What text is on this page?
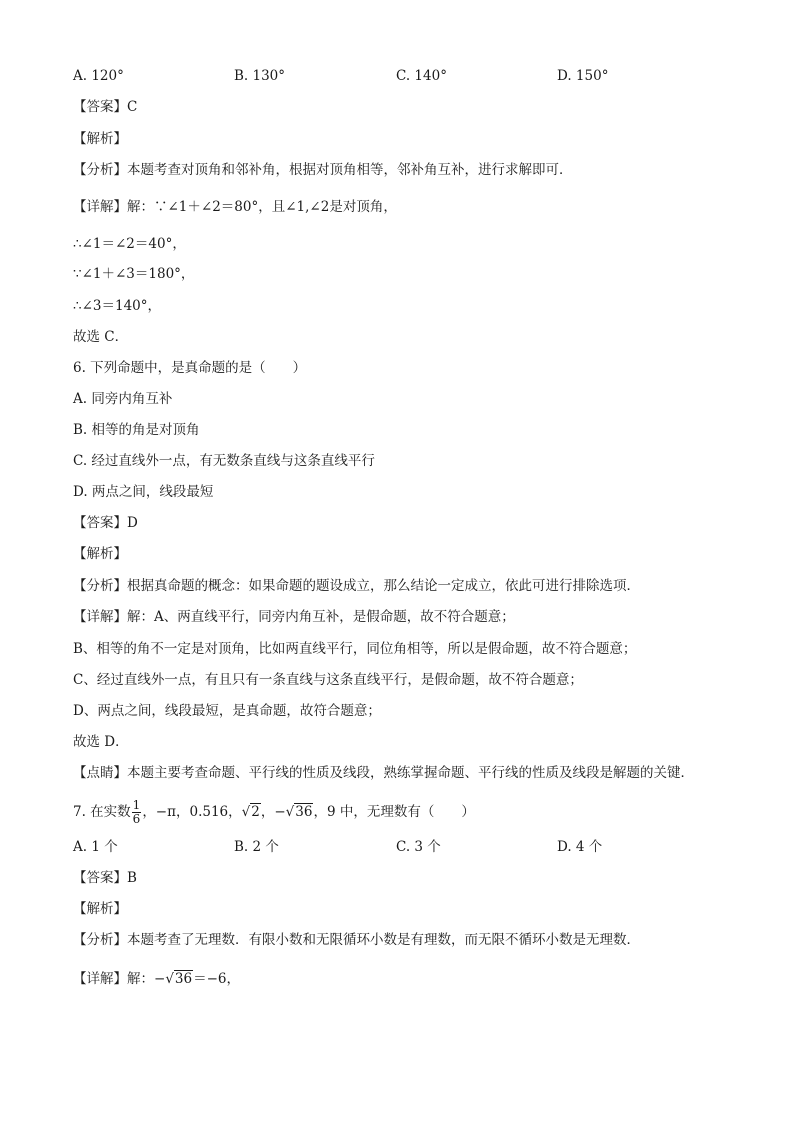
A. 120°	B. 130°	C. 140°	D. 150°
【答案】C
【解析】
【分析】本题考查对顶角和邻补角，根据对顶角相等，邻补角互补，进行求解即可．
【详解】解：∵∠1＋∠2＝80°，且∠1,∠2是对顶角，
∴∠1＝∠2＝40°，
∵∠1＋∠3＝180°，
∴∠3＝140°，
故选 C．
6. 下列命题中，是真命题的是（　　）
A. 同旁内角互补
B. 相等的角是对顶角
C. 经过直线外一点，有无数条直线与这条直线平行
D. 两点之间，线段最短
【答案】D
【解析】
【分析】根据真命题的概念：如果命题的题设成立，那么结论一定成立，依此可进行排除选项．
【详解】解：A、两直线平行，同旁内角互补，是假命题，故不符合题意；
B、相等的角不一定是对顶角，比如两直线平行，同位角相等，所以是假命题，故不符合题意；
C、经过直线外一点，有且只有一条直线与这条直线平行，是假命题，故不符合题意；
D、两点之间，线段最短，是真命题，故符合题意；
故选 D．
【点睛】本题主要考查命题、平行线的性质及线段，熟练掌握命题、平行线的性质及线段是解题的关键．
7. 在实数 $\frac{1}{6}$ ，−π，0.516，√2，−√36，9 中，无理数有（　　）
A. 1 个	B. 2 个	C. 3 个	D. 4 个
【答案】B
【解析】
【分析】本题考查了无理数．有限小数和无限循环小数是有理数，而无限不循环小数是无理数．
【详解】解：−√36＝−6，
